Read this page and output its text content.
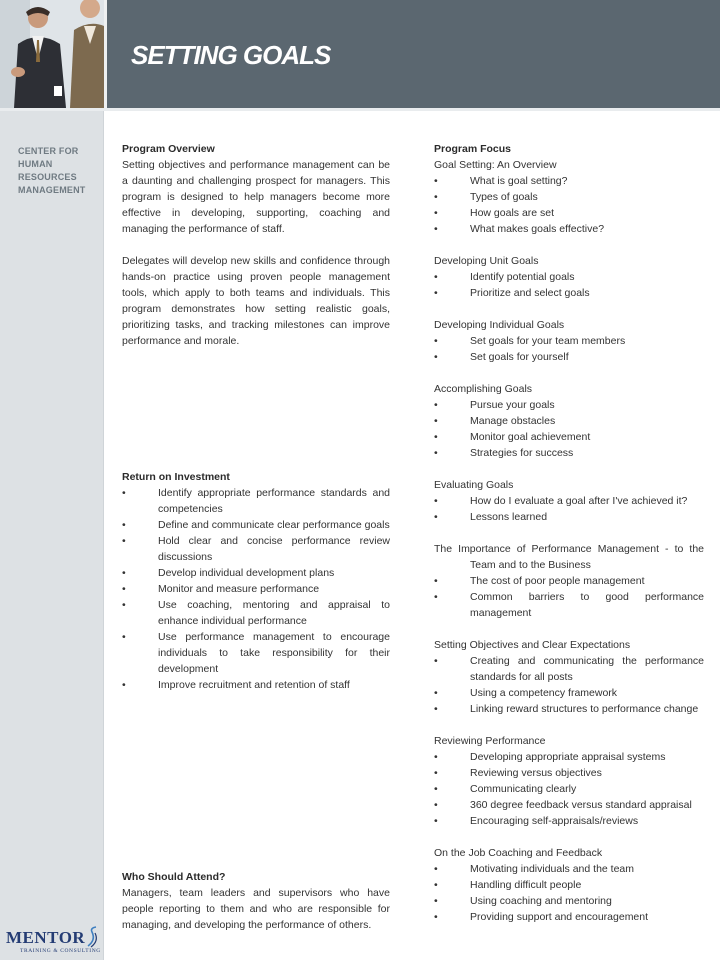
SETTING GOALS
CENTER FOR
HUMAN
RESOURCES
MANAGEMENT
MENTOR
TRAINING & CONSULTING
Program Overview
Setting objectives and performance management can be a daunting and challenging prospect for managers. This program is designed to help managers become more effective in developing, supporting, coaching and managing the performance of staff.
Delegates will develop new skills and confidence through hands-on practice using proven people management tools, which apply to both teams and individuals. This program demonstrates how setting realistic goals, prioritizing tasks, and tracking milestones can improve performance and morale.
Return on Investment
• Identify appropriate performance standards and competencies
• Define and communicate clear performance goals
• Hold clear and concise performance review discussions
• Develop individual development plans
• Monitor and measure performance
• Use coaching, mentoring and appraisal to enhance individual performance
• Use performance management to encourage individuals to take responsibility for their development
• Improve recruitment and retention of staff
Who Should Attend?
Managers, team leaders and supervisors who have people reporting to them and who are responsible for managing, and developing the performance of others.
Program Focus
Goal Setting: An Overview
• What is goal setting?
• Types of goals
• How goals are set
• What makes goals effective?
Developing Unit Goals
• Identify potential goals
• Prioritize and select goals
Developing Individual Goals
• Set goals for your team members
• Set goals for yourself
Accomplishing Goals
• Pursue your goals
• Manage obstacles
• Monitor goal achievement
• Strategies for success
Evaluating Goals
• How do I evaluate a goal after I've achieved it?
• Lessons learned
The Importance of Performance Management - to the Team and to the Business
• The cost of poor people management
• Common barriers to good performance management
Setting Objectives and Clear Expectations
• Creating and communicating the performance standards for all posts
• Using a competency framework
• Linking reward structures to performance change
Reviewing Performance
• Developing appropriate appraisal systems
• Reviewing versus objectives
• Communicating clearly
• 360 degree feedback versus standard appraisal
• Encouraging self-appraisals/reviews
On the Job Coaching and Feedback
• Motivating individuals and the team
• Handling difficult people
• Using coaching and mentoring
• Providing support and encouragement
